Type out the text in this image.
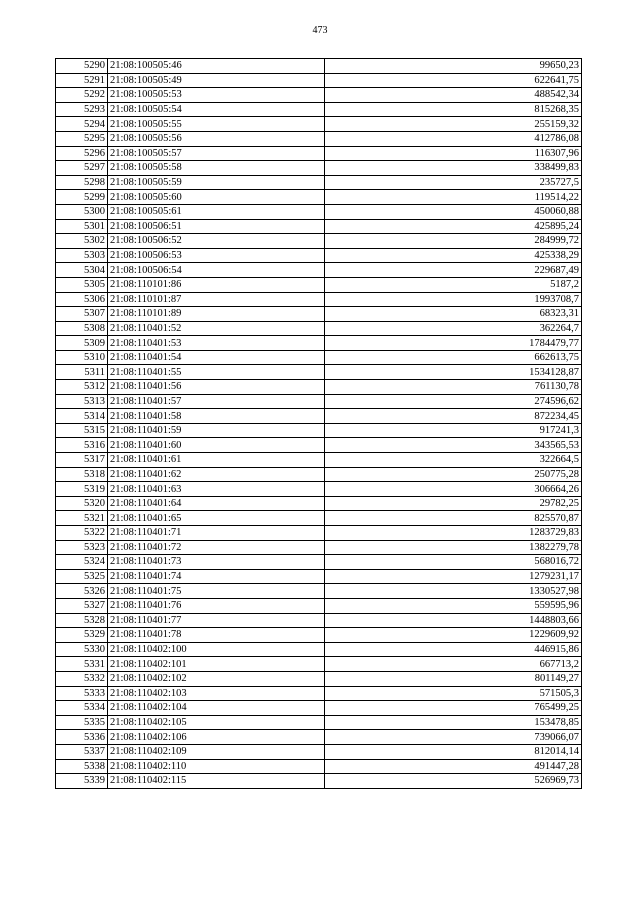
473
5290	21:08:100505:46	99650,23
5291	21:08:100505:49	622641,75
5292	21:08:100505:53	488542,34
5293	21:08:100505:54	815268,35
5294	21:08:100505:55	255159,32
5295	21:08:100505:56	412786,08
5296	21:08:100505:57	116307,96
5297	21:08:100505:58	338499,83
5298	21:08:100505:59	235727,5
5299	21:08:100505:60	119514,22
5300	21:08:100505:61	450060,88
5301	21:08:100506:51	425895,24
5302	21:08:100506:52	284999,72
5303	21:08:100506:53	425338,29
5304	21:08:100506:54	229687,49
5305	21:08:110101:86	5187,2
5306	21:08:110101:87	1993708,7
5307	21:08:110101:89	68323,31
5308	21:08:110401:52	362264,7
5309	21:08:110401:53	1784479,77
5310	21:08:110401:54	662613,75
5311	21:08:110401:55	1534128,87
5312	21:08:110401:56	761130,78
5313	21:08:110401:57	274596,62
5314	21:08:110401:58	872234,45
5315	21:08:110401:59	917241,3
5316	21:08:110401:60	343565,53
5317	21:08:110401:61	322664,5
5318	21:08:110401:62	250775,28
5319	21:08:110401:63	306664,26
5320	21:08:110401:64	29782,25
5321	21:08:110401:65	825570,87
5322	21:08:110401:71	1283729,83
5323	21:08:110401:72	1382279,78
5324	21:08:110401:73	568016,72
5325	21:08:110401:74	1279231,17
5326	21:08:110401:75	1330527,98
5327	21:08:110401:76	559595,96
5328	21:08:110401:77	1448803,66
5329	21:08:110401:78	1229609,92
5330	21:08:110402:100	446915,86
5331	21:08:110402:101	667713,2
5332	21:08:110402:102	801149,27
5333	21:08:110402:103	571505,3
5334	21:08:110402:104	765499,25
5335	21:08:110402:105	153478,85
5336	21:08:110402:106	739066,07
5337	21:08:110402:109	812014,14
5338	21:08:110402:110	491447,28
5339	21:08:110402:115	526969,73
